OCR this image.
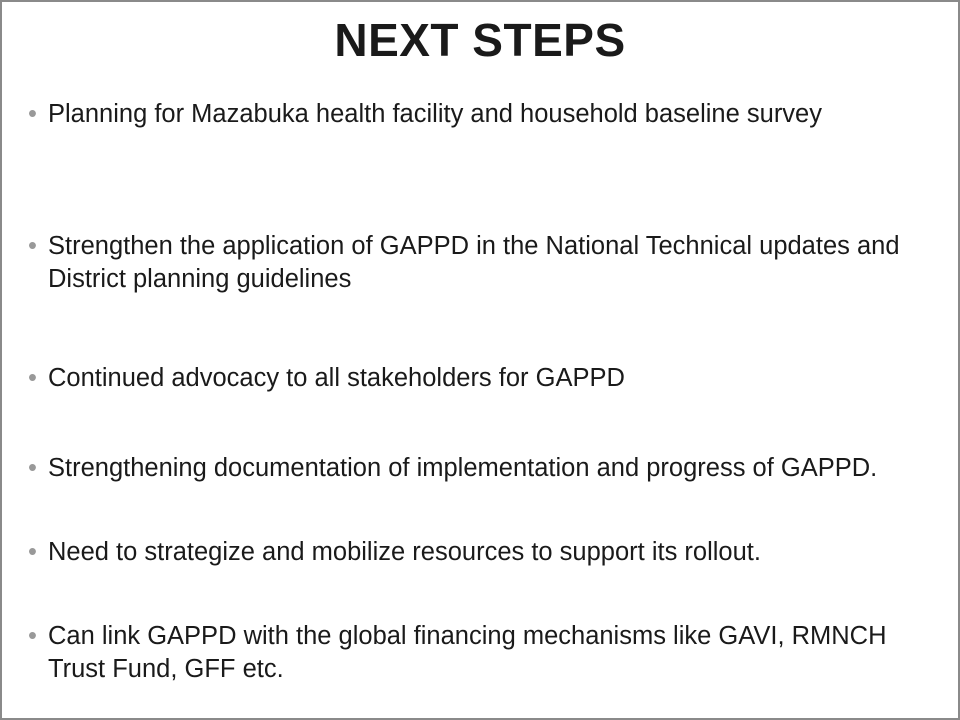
NEXT STEPS
• Planning for Mazabuka health facility and household baseline survey
• Strengthen the application of GAPPD in the National Technical updates and District planning guidelines
• Continued advocacy to all stakeholders for GAPPD
• Strengthening documentation of implementation and progress of GAPPD.
• Need to strategize and mobilize resources to support its rollout.
• Can link GAPPD with the global financing mechanisms like GAVI, RMNCH Trust Fund, GFF etc.
